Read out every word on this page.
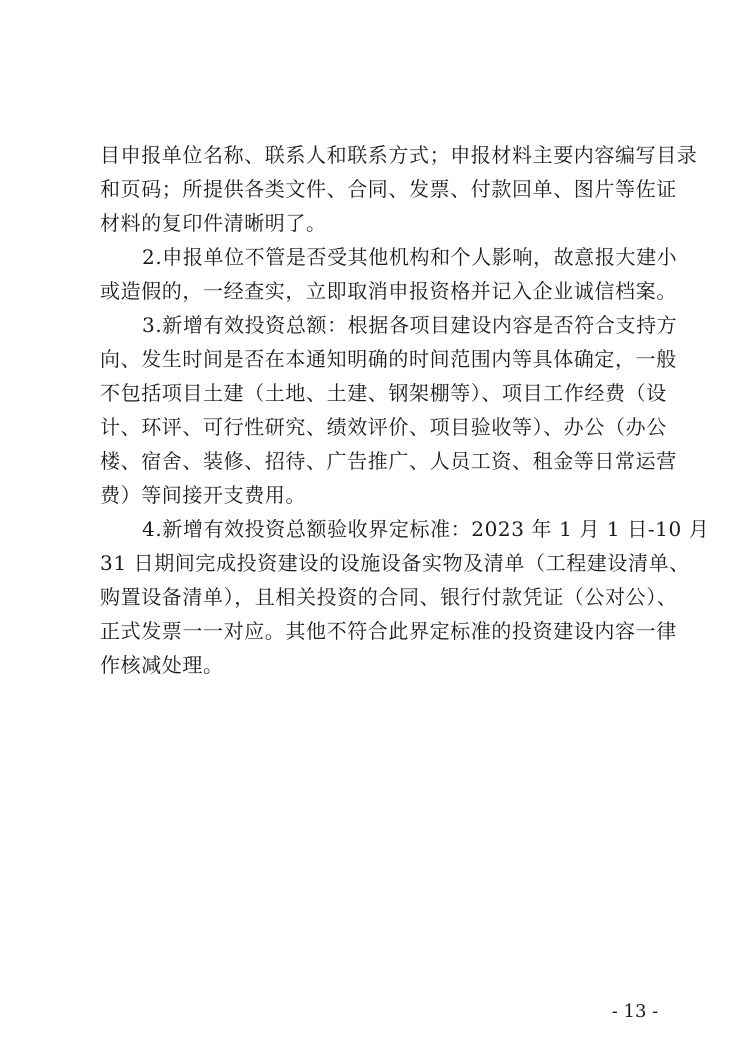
目申报单位名称、联系人和联系方式；申报材料主要内容编写目录
和页码；所提供各类文件、合同、发票、付款回单、图片等佐证
材料的复印件清晰明了。
2.申报单位不管是否受其他机构和个人影响，故意报大建小
或造假的，一经查实，立即取消申报资格并记入企业诚信档案。
3.新增有效投资总额：根据各项目建设内容是否符合支持方
向、发生时间是否在本通知明确的时间范围内等具体确定，一般
不包括项目土建（土地、土建、钢架棚等）、项目工作经费（设
计、环评、可行性研究、绩效评价、项目验收等）、办公（办公
楼、宿舍、装修、招待、广告推广、人员工资、租金等日常运营
费）等间接开支费用。
4.新增有效投资总额验收界定标准：2023 年 1 月 1 日-10 月
31 日期间完成投资建设的设施设备实物及清单（工程建设清单、
购置设备清单），且相关投资的合同、银行付款凭证（公对公）、
正式发票一一对应。其他不符合此界定标准的投资建设内容一律
作核减处理。
- 13 -
